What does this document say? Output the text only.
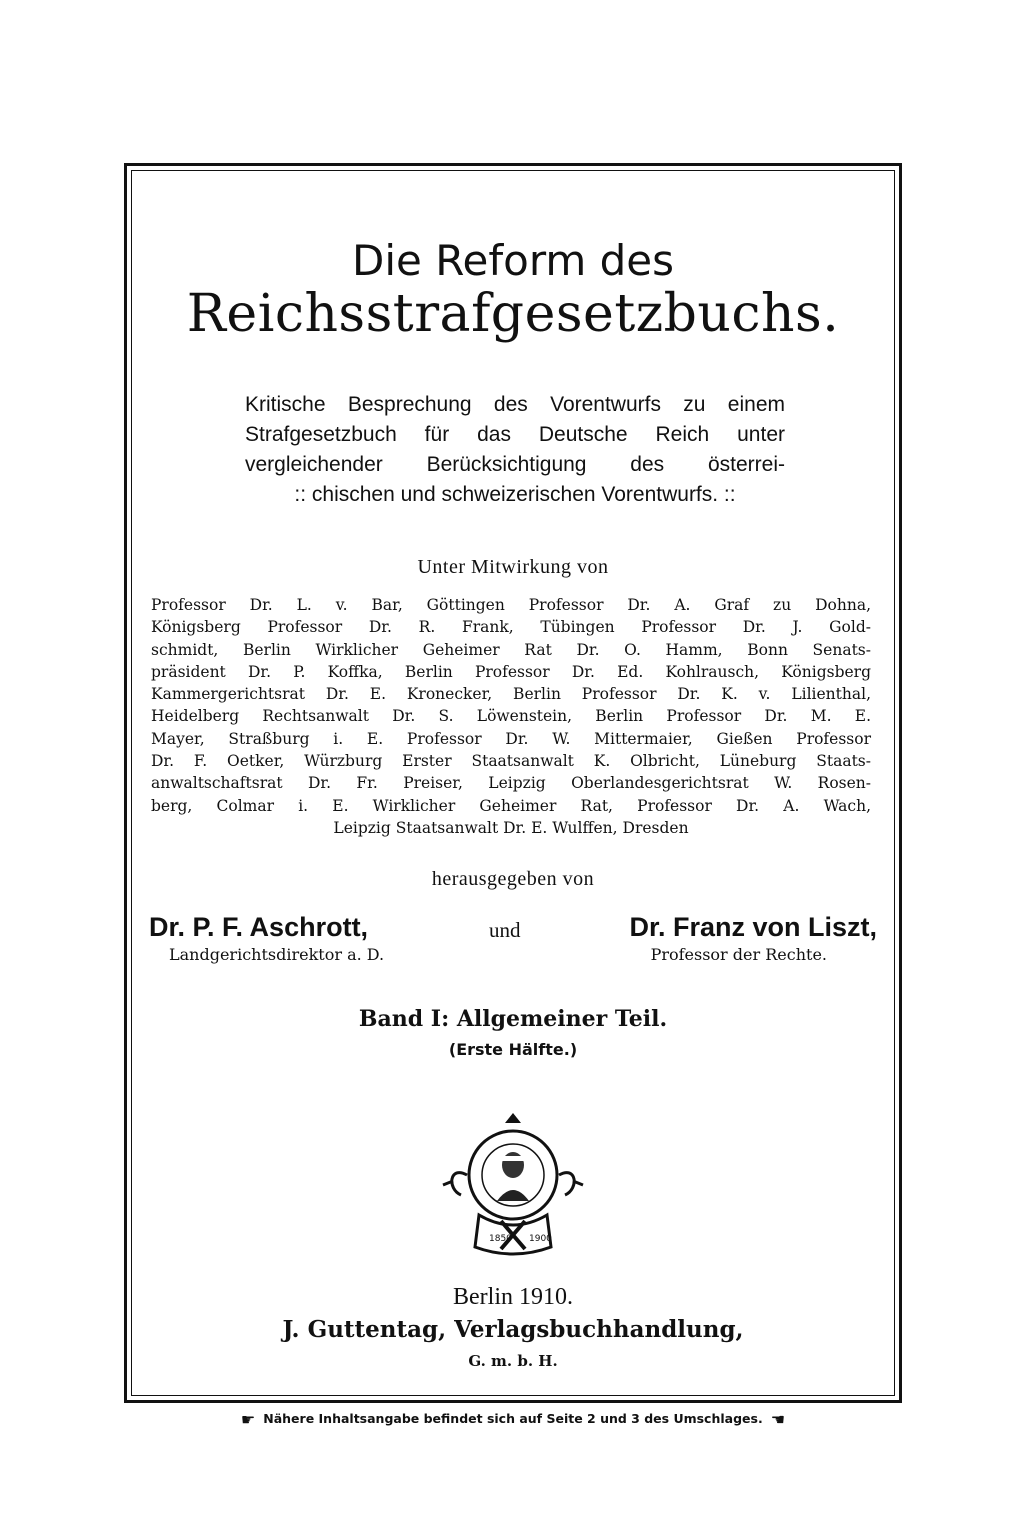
Die Reform des
Reichsstrafgesetzbuchs.
Kritische Besprechung des Vorentwurfs zu einem
Strafgesetzbuch für das Deutsche Reich unter
vergleichender Berücksichtigung des österrei-
:: chischen und schweizerischen Vorentwurfs. ::
Unter Mitwirkung von
Professor Dr. L. v. Bar, Göttingen Professor Dr. A. Graf zu Dohna,
Königsberg Professor Dr. R. Frank, Tübingen Professor Dr. J. Gold-
schmidt, Berlin Wirklicher Geheimer Rat Dr. O. Hamm, Bonn Senats-
präsident Dr. P. Koffka, Berlin Professor Dr. Ed. Kohlrausch, Königsberg
Kammergerichtsrat Dr. E. Kronecker, Berlin Professor Dr. K. v. Lilienthal,
Heidelberg Rechtsanwalt Dr. S. Löwenstein, Berlin Professor Dr. M. E.
Mayer, Straßburg i. E. Professor Dr. W. Mittermaier, Gießen Professor
Dr. F. Oetker, Würzburg Erster Staatsanwalt K. Olbricht, Lüneburg Staats-
anwaltschaftsrat Dr. Fr. Preiser, Leipzig Oberlandesgerichtsrat W. Rosen-
berg, Colmar i. E. Wirklicher Geheimer Rat, Professor Dr. A. Wach,
Leipzig Staatsanwalt Dr. E. Wulffen, Dresden
herausgegeben von
Dr. P. F. Aschrott,
Landgerichtsdirektor a. D.
und	Dr. Franz von Liszt,
Professor der Rechte.
Band I: Allgemeiner Teil.
(Erste Hälfte.)
1850 1900
Berlin 1910.
J. Guttentag, Verlagsbuchhandlung,
G. m. b. H.
☛ Nähere Inhaltsangabe befindet sich auf Seite 2 und 3 des Umschlages. ☚
